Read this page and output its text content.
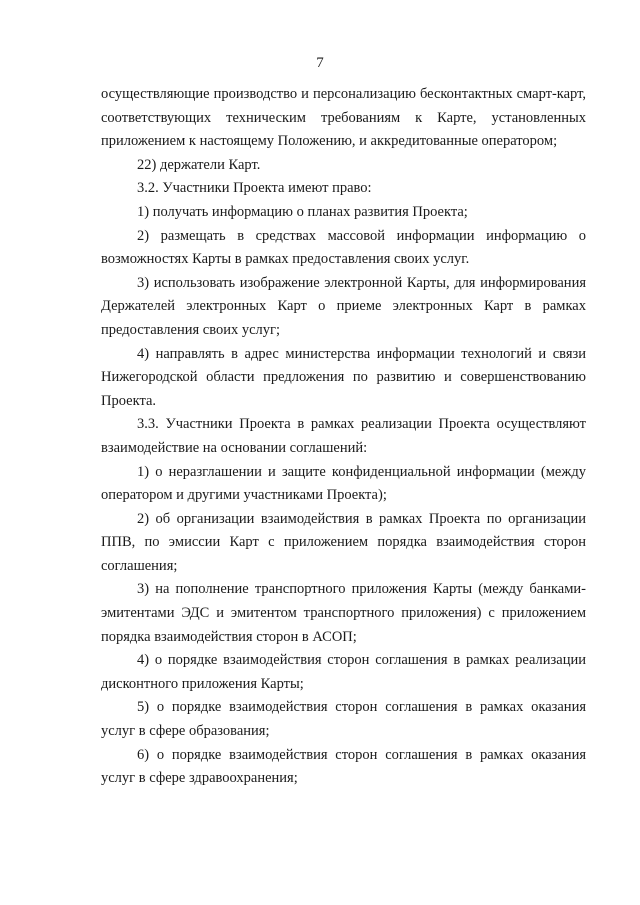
7

осуществляющие производство и персонализацию бесконтактных смарт-карт, соответствующих техническим требованиям к Карте, установленных приложением к настоящему Положению, и аккредитованные оператором;

22) держатели Карт.

3.2. Участники Проекта имеют право:

1) получать информацию о планах развития Проекта;

2) размещать в средствах массовой информации информацию о возможностях Карты в рамках предоставления своих услуг.

3) использовать изображение электронной Карты, для информирования Держателей электронных Карт о приеме электронных Карт в рамках предоставления своих услуг;

4) направлять в адрес министерства информации технологий и связи Нижегородской области предложения по развитию и совершенствованию Проекта.

3.3. Участники Проекта в рамках реализации Проекта осуществляют взаимодействие на основании соглашений:

1) о неразглашении и защите конфиденциальной информации (между оператором и другими участниками Проекта);

2) об организации взаимодействия в рамках Проекта по организации ППВ, по эмиссии Карт с приложением порядка взаимодействия сторон соглашения;

3) на пополнение транспортного приложения Карты (между банками-эмитентами ЭДС и эмитентом транспортного приложения) с приложением порядка взаимодействия сторон в АСОП;

4) о порядке взаимодействия сторон соглашения в рамках реализации дисконтного приложения Карты;

5) о порядке взаимодействия сторон соглашения в рамках оказания услуг в сфере образования;

6) о порядке взаимодействия сторон соглашения в рамках оказания услуг в сфере здравоохранения;
